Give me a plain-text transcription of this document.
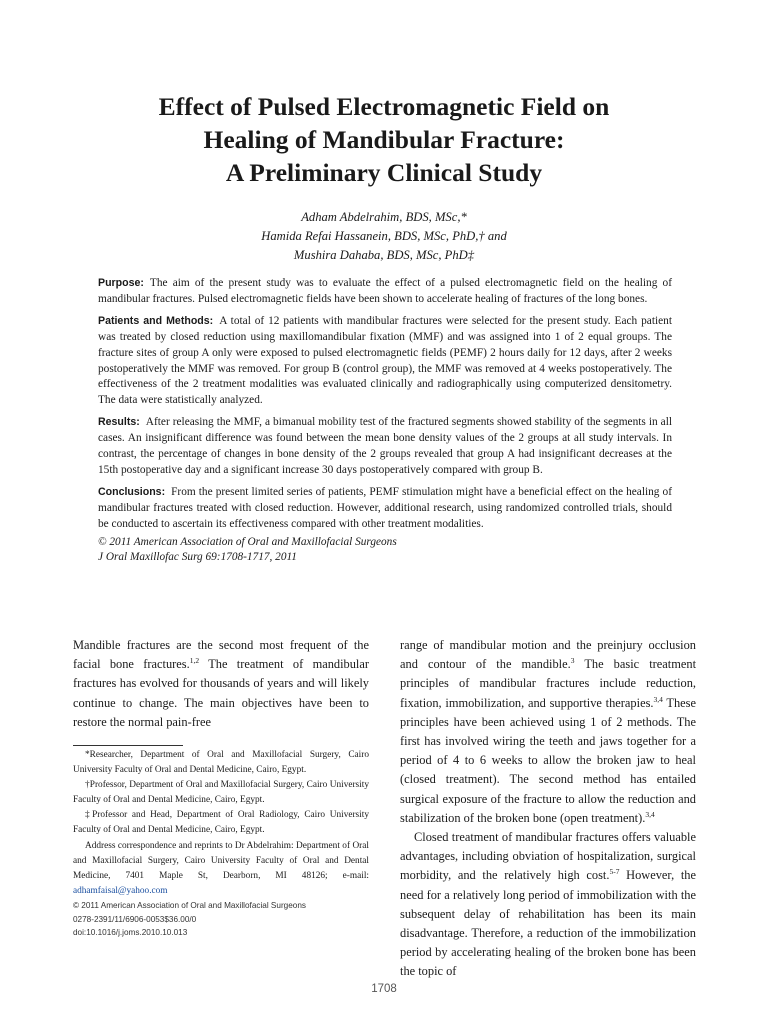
Effect of Pulsed Electromagnetic Field on
Healing of Mandibular Fracture:
A Preliminary Clinical Study
Adham Abdelrahim, BDS, MSc,*
Hamida Refai Hassanein, BDS, MSc, PhD,† and
Mushira Dahaba, BDS, MSc, PhD‡

Purpose: The aim of the present study was to evaluate the effect of a pulsed electromagnetic field on the healing of mandibular fractures. Pulsed electromagnetic fields have been shown to accelerate healing of fractures of the long bones.

Patients and Methods: A total of 12 patients with mandibular fractures were selected for the present study. Each patient was treated by closed reduction using maxillomandibular fixation (MMF) and was assigned into 1 of 2 equal groups. The fracture sites of group A only were exposed to pulsed electromagnetic fields (PEMF) 2 hours daily for 12 days, after 2 weeks postoperatively the MMF was removed. For group B (control group), the MMF was removed at 4 weeks postoperatively. The effectiveness of the 2 treatment modalities was evaluated clinically and radiographically using computerized densitometry. The data were statistically analyzed.

Results: After releasing the MMF, a bimanual mobility test of the fractured segments showed stability of the segments in all cases. An insignificant difference was found between the mean bone density values of the 2 groups at all study intervals. In contrast, the percentage of changes in bone density of the 2 groups revealed that group A had insignificant decreases at the 15th postoperative day and a significant increase 30 days postoperatively compared with group B.

Conclusions: From the present limited series of patients, PEMF stimulation might have a beneficial effect on the healing of mandibular fractures treated with closed reduction. However, additional research, using randomized controlled trials, should be conducted to ascertain its effectiveness compared with other treatment modalities.

© 2011 American Association of Oral and Maxillofacial Surgeons
J Oral Maxillofac Surg 69:1708-1717, 2011

Mandible fractures are the second most frequent of the facial bone fractures.$^{1,2}$ The treatment of mandibular fractures has evolved for thousands of years and will likely continue to change. The main objectives have been to restore the normal pain-free

*Researcher, Department of Oral and Maxillofacial Surgery, Cairo University Faculty of Oral and Dental Medicine, Cairo, Egypt.

†Professor, Department of Oral and Maxillofacial Surgery, Cairo University Faculty of Oral and Dental Medicine, Cairo, Egypt.

‡Professor and Head, Department of Oral Radiology, Cairo University Faculty of Oral and Dental Medicine, Cairo, Egypt.

Address correspondence and reprints to Dr Abdelrahim: Department of Oral and Maxillofacial Surgery, Cairo University Faculty of Oral and Dental Medicine, 7401 Maple St, Dearborn, MI 48126; e-mail: adhamfaisal@yahoo.com

© 2011 American Association of Oral and Maxillofacial Surgeons

0278-2391/11/6906-0053$36.00/0

doi:10.1016/j.joms.2010.10.013

range of mandibular motion and the preinjury occlusion and contour of the mandible.$^3$ The basic treatment principles of mandibular fractures include reduction, fixation, immobilization, and supportive therapies.$^{3,4}$ These principles have been achieved using 1 of 2 methods. The first has involved wiring the teeth and jaws together for a period of 4 to 6 weeks to allow the broken jaw to heal (closed treatment). The second method has entailed surgical exposure of the fracture to allow the reduction and stabilization of the broken bone (open treatment).$^{3,4}$

Closed treatment of mandibular fractures offers valuable advantages, including obviation of hospitalization, surgical morbidity, and the relatively high cost.$^{5-7}$ However, the need for a relatively long period of immobilization with the subsequent delay of rehabilitation has been its main disadvantage. Therefore, a reduction of the immobilization period by accelerating healing of the broken bone has been the topic of

1708
